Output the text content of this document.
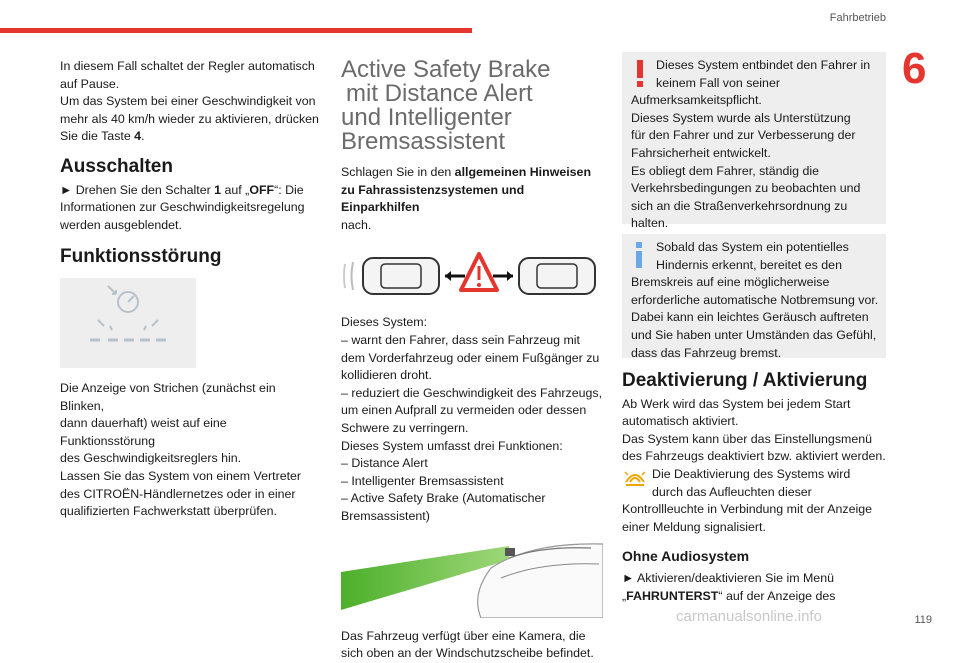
Fahrbetrieb
6

In diesem Fall schaltet der Regler automatisch

auf Pause.

Um das System bei einer Geschwindigkeit von

mehr als 40 km/h wieder zu aktivieren, drücken

Sie die Taste 4.

Ausschalten

► Drehen Sie den Schalter 1 auf „OFF“: Die

Informationen zur Geschwindigkeitsregelung

werden ausgeblendet.

Funktionsstörung

Die Anzeige von Strichen (zunächst ein Blinken,

dann dauerhaft) weist auf eine Funktionsstörung

des Geschwindigkeitsreglers hin.

Lassen Sie das System von einem Vertreter

des CITROËN-Händlernetzes oder in einer

qualifizierten Fachwerkstatt überprüfen.

Active Safety Brake

mit Distance Alert

und Intelligenter

Bremsassistent

Schlagen Sie in den allgemeinen Hinweisen

zu Fahrassistenzsystemen und Einparkhilfen

nach.

Dieses System:

– warnt den Fahrer, dass sein Fahrzeug mit

dem Vorderfahrzeug oder einem Fußgänger zu

kollidieren droht.

– reduziert die Geschwindigkeit des Fahrzeugs,

um einen Aufprall zu vermeiden oder dessen

Schwere zu verringern.

Dieses System umfasst drei Funktionen:

– Distance Alert

– Intelligenter Bremsassistent

– Active Safety Brake (Automatischer

Bremsassistent)

Das Fahrzeug verfügt über eine Kamera, die

sich oben an der Windschutzscheibe befindet.

Dieses System entbindet den Fahrer in

keinem Fall von seiner

Aufmerksamkeitspflicht.

Dieses System wurde als Unterstützung

für den Fahrer und zur Verbesserung der

Fahrsicherheit entwickelt.

Es obliegt dem Fahrer, ständig die

Verkehrsbedingungen zu beobachten und

sich an die Straßenverkehrsordnung zu

halten.

Sobald das System ein potentielles

Hindernis erkennt, bereitet es den

Bremskreis auf eine möglicherweise

erforderliche automatische Notbremsung vor.

Dabei kann ein leichtes Geräusch auftreten

und Sie haben unter Umständen das Gefühl,

dass das Fahrzeug bremst.

Deaktivierung / Aktivierung

Ab Werk wird das System bei jedem Start

automatisch aktiviert.

Das System kann über das Einstellungsmenü

des Fahrzeugs deaktiviert bzw. aktiviert werden.

Die Deaktivierung des Systems wird

durch das Aufleuchten dieser

Kontrollleuchte in Verbindung mit der Anzeige

einer Meldung signalisiert.

Ohne Audiosystem

► Aktivieren/deaktivieren Sie im Menü

„FAHRUNTERST“ auf der Anzeige des

carmanualsonline.info	119
